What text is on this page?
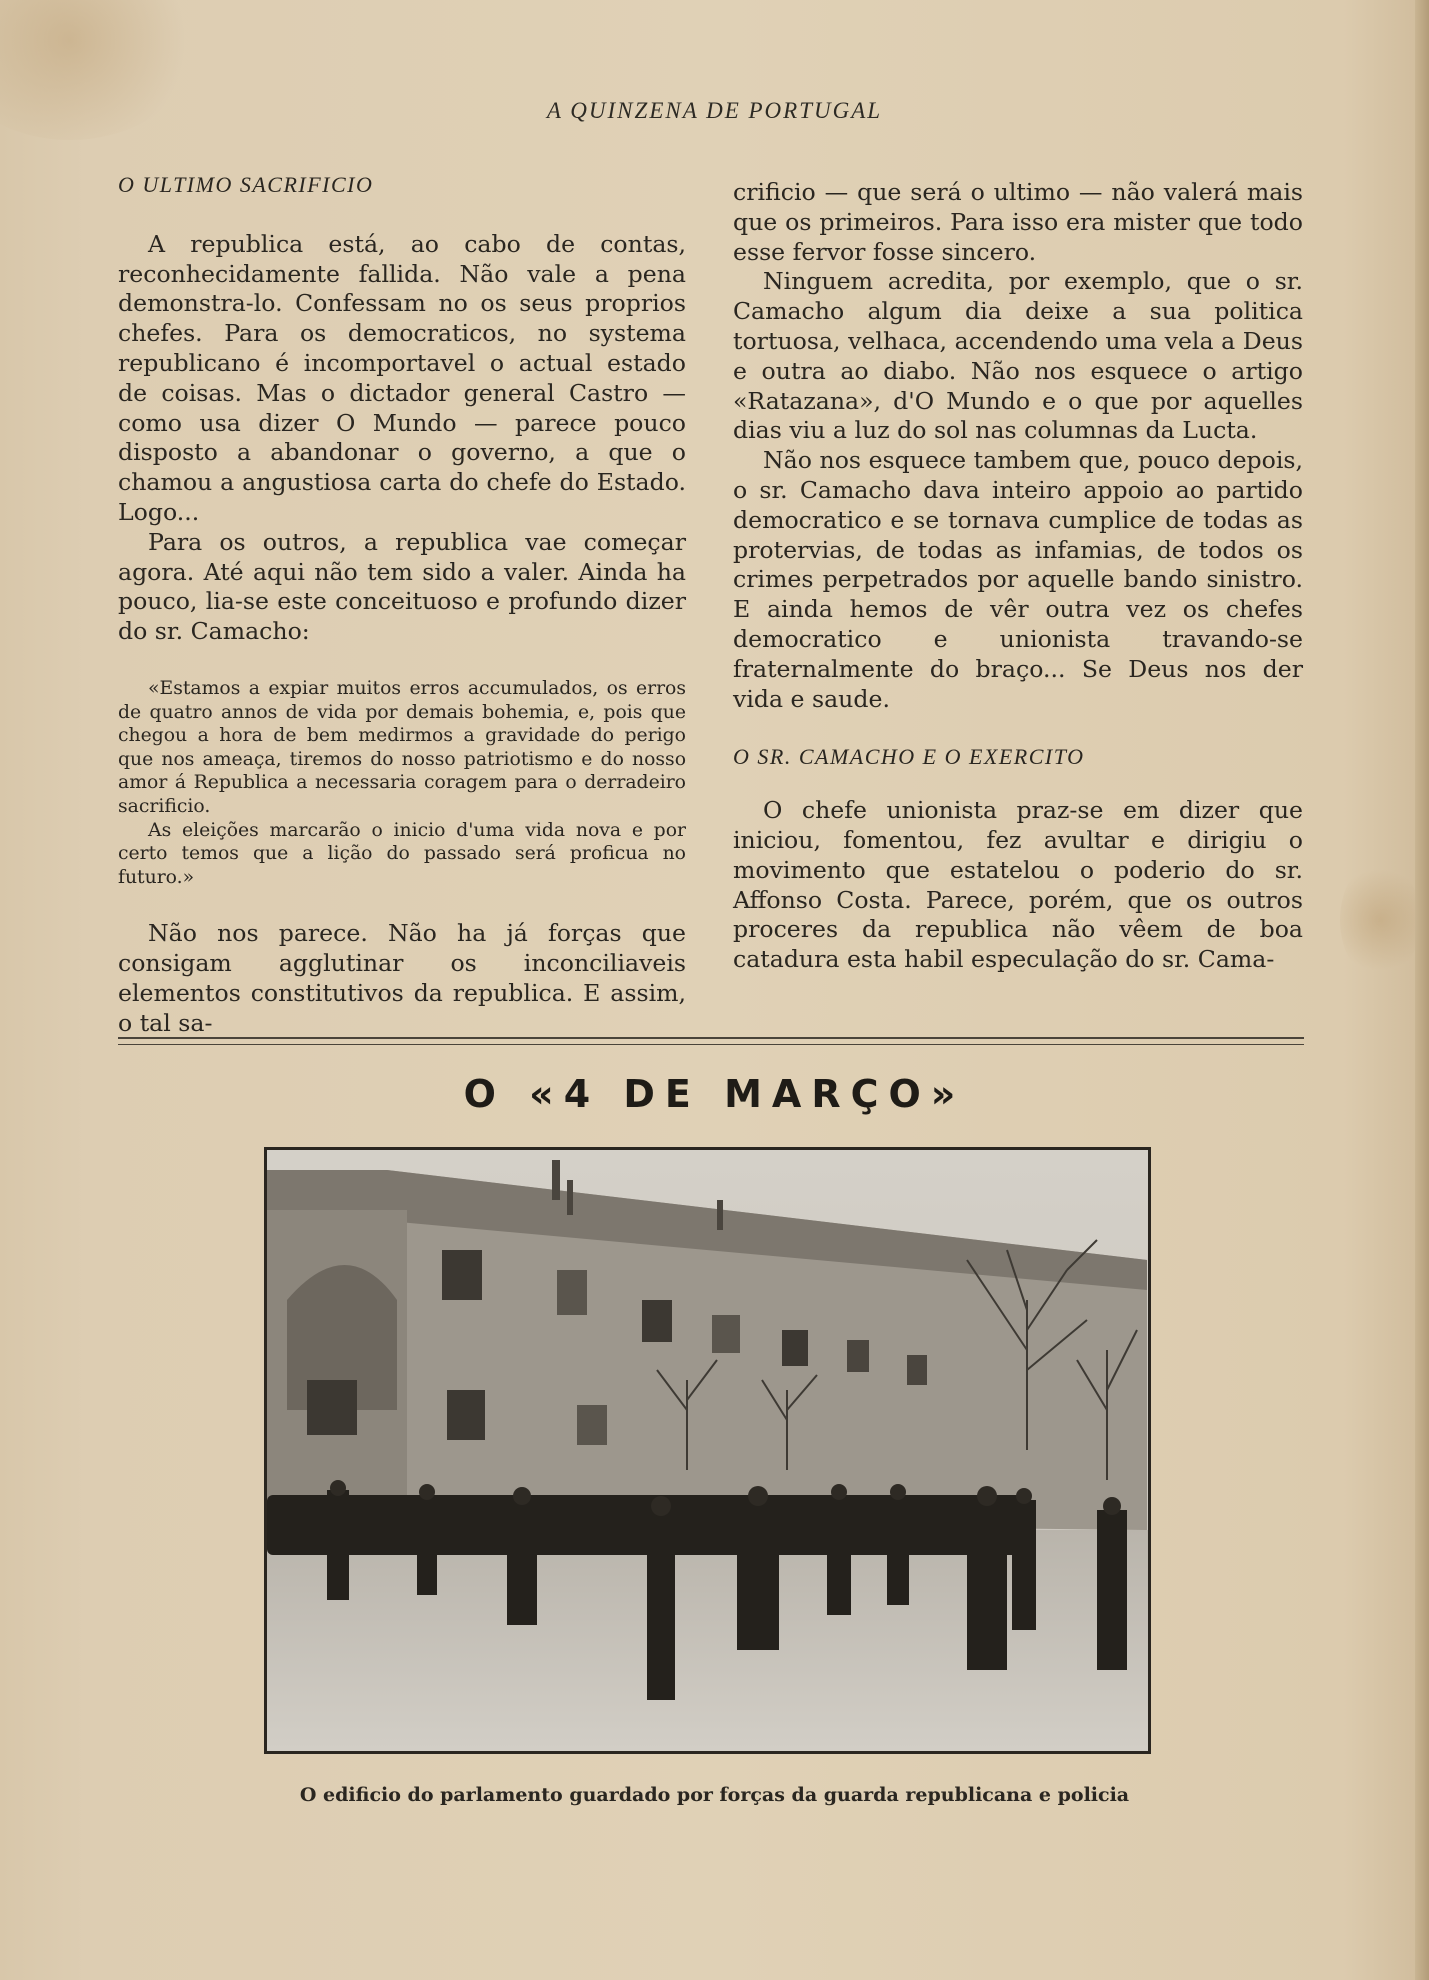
A QUINZENA DE PORTUGAL
O ULTIMO SACRIFICIO

A republica está, ao cabo de contas, reconhecidamente fallida. Não vale a pena demonstra-lo. Confessam no os seus proprios chefes. Para os democraticos, no systema republicano é incomportavel o actual estado de coisas. Mas o dictador general Castro — como usa dizer O Mundo — parece pouco disposto a abandonar o governo, a que o chamou a angustiosa carta do chefe do Estado. Logo...

Para os outros, a republica vae começar agora. Até aqui não tem sido a valer. Ainda ha pouco, lia-se este conceituoso e profundo dizer do sr. Camacho:

«Estamos a expiar muitos erros accumulados, os erros de quatro annos de vida por demais bohemia, e, pois que chegou a hora de bem medirmos a gravidade do perigo que nos ameaça, tiremos do nosso patriotismo e do nosso amor á Republica a necessaria coragem para o derradeiro sacrificio.

As eleições marcarão o inicio d'uma vida nova e por certo temos que a lição do passado será proficua no futuro.»

Não nos parece. Não ha já forças que consigam agglutinar os inconciliaveis elementos constitutivos da republica. E assim, o tal sa-

crificio — que será o ultimo — não valerá mais que os primeiros. Para isso era mister que todo esse fervor fosse sincero.

Ninguem acredita, por exemplo, que o sr. Camacho algum dia deixe a sua politica tortuosa, velhaca, accendendo uma vela a Deus e outra ao diabo. Não nos esquece o artigo «Ratazana», d'O Mundo e o que por aquelles dias viu a luz do sol nas columnas da Lucta.

Não nos esquece tambem que, pouco depois, o sr. Camacho dava inteiro appoio ao partido democratico e se tornava cumplice de todas as protervias, de todas as infamias, de todos os crimes perpetrados por aquelle bando sinistro. E ainda hemos de vêr outra vez os chefes democratico e unionista travando-se fraternalmente do braço... Se Deus nos der vida e saude.

O SR. CAMACHO E O EXERCITO

O chefe unionista praz-se em dizer que iniciou, fomentou, fez avultar e dirigiu o movimento que estatelou o poderio do sr. Affonso Costa. Parece, porém, que os outros proceres da republica não vêem de boa catadura esta habil especulação do sr. Cama-

O «4 DE MARÇO»
O edificio do parlamento guardado por forças da guarda republicana e policia
